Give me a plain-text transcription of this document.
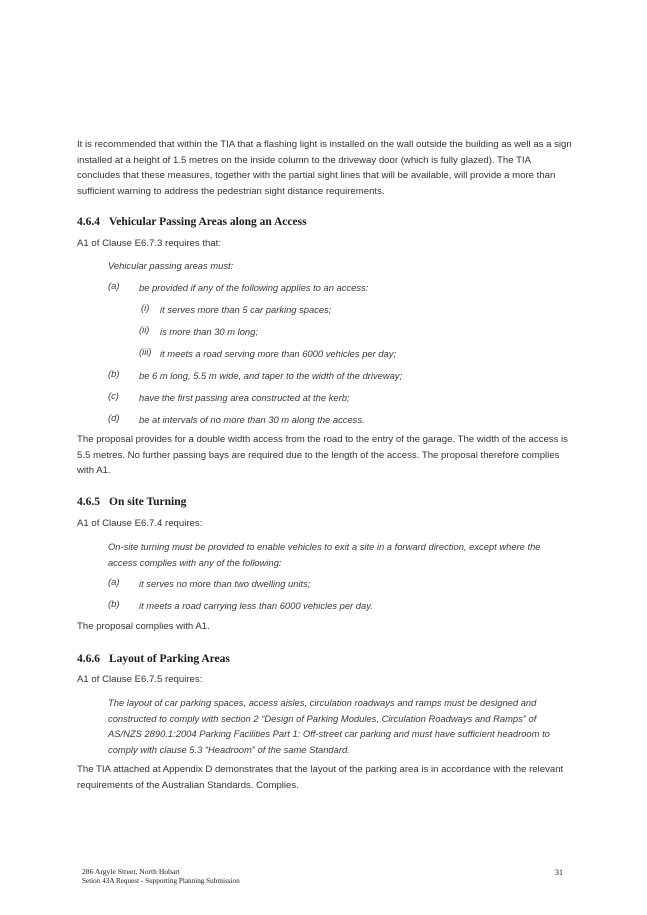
It is recommended that within the TIA that a flashing light is installed on the wall outside the building as well as a sign installed at a height of 1.5 metres on the inside column to the driveway door (which is fully glazed). The TIA concludes that these measures, together with the partial sight lines that will be available, will provide a more than sufficient warning to address the pedestrian sight distance requirements.

4.6.4 Vehicular Passing Areas along an Access

A1 of Clause E6.7.3 requires that:

Vehicular passing areas must:

(a) be provided if any of the following applies to an access:
(i) it serves more than 5 car parking spaces;
(ii) is more than 30 m long;
(iii) it meets a road serving more than 6000 vehicles per day;
(b) be 6 m long, 5.5 m wide, and taper to the width of the driveway;
(c) have the first passing area constructed at the kerb;
(d) be at intervals of no more than 30 m along the access.

The proposal provides for a double width access from the road to the entry of the garage. The width of the access is 5.5 metres. No further passing bays are required due to the length of the access. The proposal therefore complies with A1.

4.6.5 On site Turning

A1 of Clause E6.7.4 requires:

On-site turning must be provided to enable vehicles to exit a site in a forward direction, except where the access complies with any of the following:

(a) it serves no more than two dwelling units;
(b) it meets a road carrying less than 6000 vehicles per day.

The proposal complies with A1.

4.6.6 Layout of Parking Areas

A1 of Clause E6.7.5 requires:

The layout of car parking spaces, access aisles, circulation roadways and ramps must be designed and constructed to comply with section 2 “Design of Parking Modules, Circulation Roadways and Ramps” of AS/NZS 2890.1:2004 Parking Facilities Part 1: Off-street car parking and must have sufficient headroom to comply with clause 5.3 “Headroom” of the same Standard.

The TIA attached at Appendix D demonstrates that the layout of the parking area is in accordance with the relevant requirements of the Australian Standards. Complies.

286 Argyle Street, North Hobart
Setion 43A Request - Supporting Planning Submission
31
